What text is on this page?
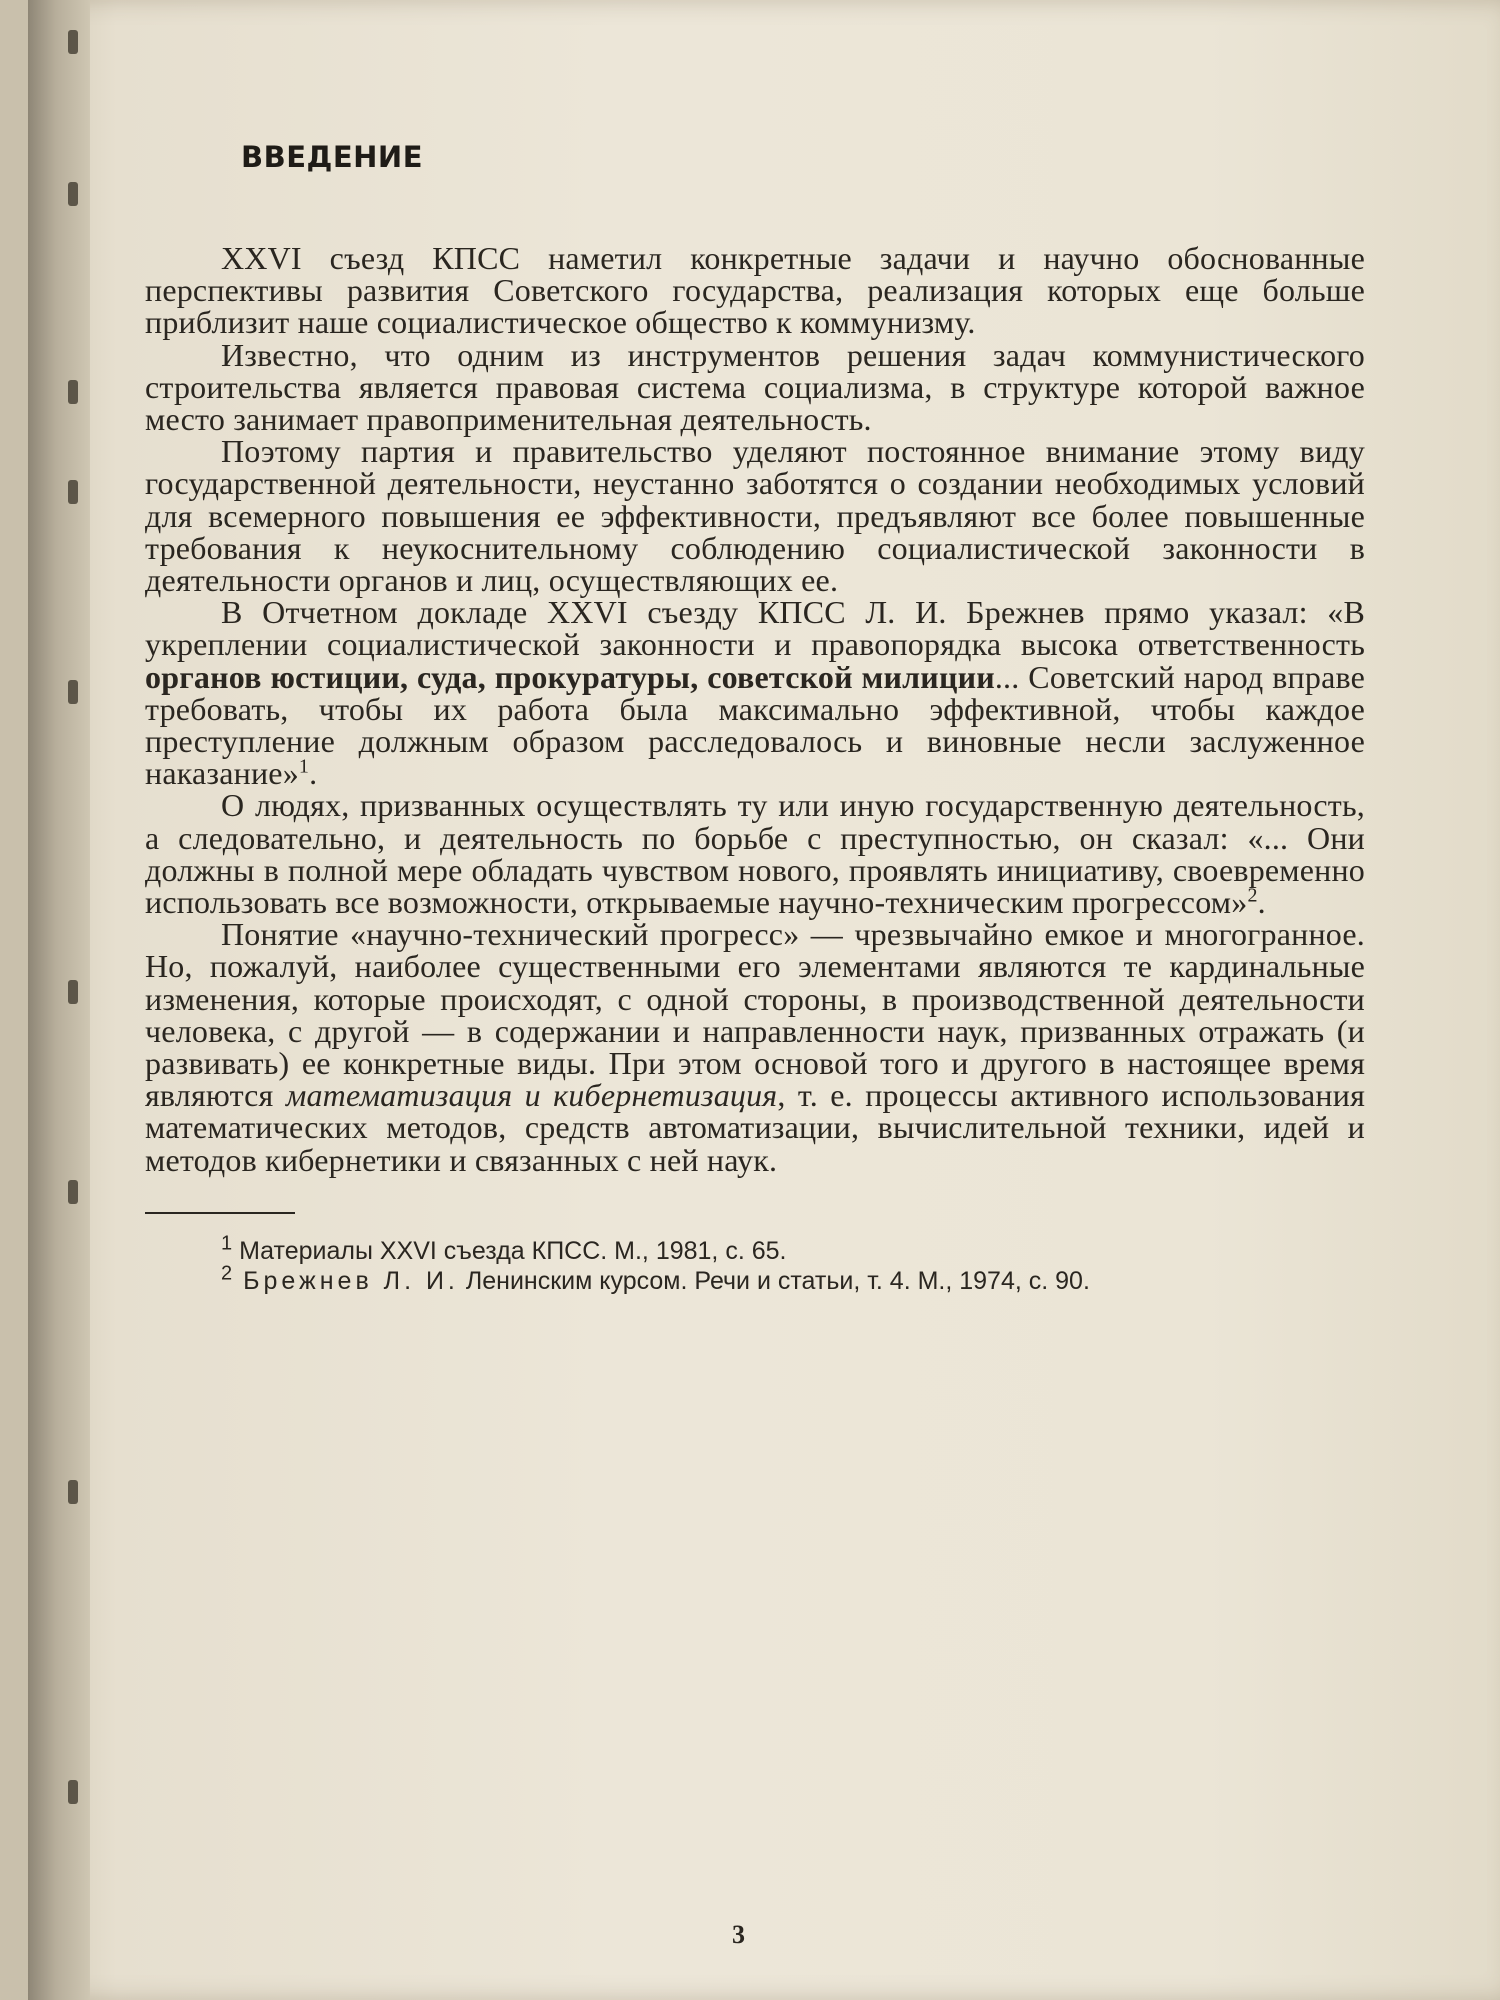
ВВЕДЕНИЕ

XXVI съезд КПСС наметил конкретные задачи и научно обоснованные перспективы развития Советского государства, реализация которых еще больше приблизит наше социалистическое общество к коммунизму.

Известно, что одним из инструментов решения задач коммунистического строительства является правовая система социализма, в структуре которой важное место занимает правоприменительная деятельность.

Поэтому партия и правительство уделяют постоянное внимание этому виду государственной деятельности, неустанно заботятся о создании необходимых условий для всемерного повышения ее эффективности, предъявляют все более повышенные требования к неукоснительному соблюдению социалистической законности в деятельности органов и лиц, осуществляющих ее.

В Отчетном докладе XXVI съезду КПСС Л. И. Брежнев прямо указал: «В укреплении социалистической законности и правопорядка высока ответственность органов юстиции, суда, прокуратуры, советской милиции... Советский народ вправе требовать, чтобы их работа была максимально эффективной, чтобы каждое преступление должным образом расследовалось и виновные несли заслуженное наказание»$^1$.

О людях, призванных осуществлять ту или иную государственную деятельность, а следовательно, и деятельность по борьбе с преступностью, он сказал: «... Они должны в полной мере обладать чувством нового, проявлять инициативу, своевременно использовать все возможности, открываемые научно-техническим прогрессом»$^2$.

Понятие «научно-технический прогресс» — чрезвычайно емкое и многогранное. Но, пожалуй, наиболее существенными его элементами являются те кардинальные изменения, которые происходят, с одной стороны, в производственной деятельности человека, с другой — в содержании и направленности наук, призванных отражать (и развивать) ее конкретные виды. При этом основой того и другого в настоящее время являются математизация и кибернетизация, т. е. процессы активного использования математических методов, средств автоматизации, вычислительной техники, идей и методов кибернетики и связанных с ней наук.

$^1$ Материалы XXVI съезда КПСС. М., 1981, с. 65.

$^2$ Брежнев Л. И. Ленинским курсом. Речи и статьи, т. 4. М., 1974, с. 90.

3
